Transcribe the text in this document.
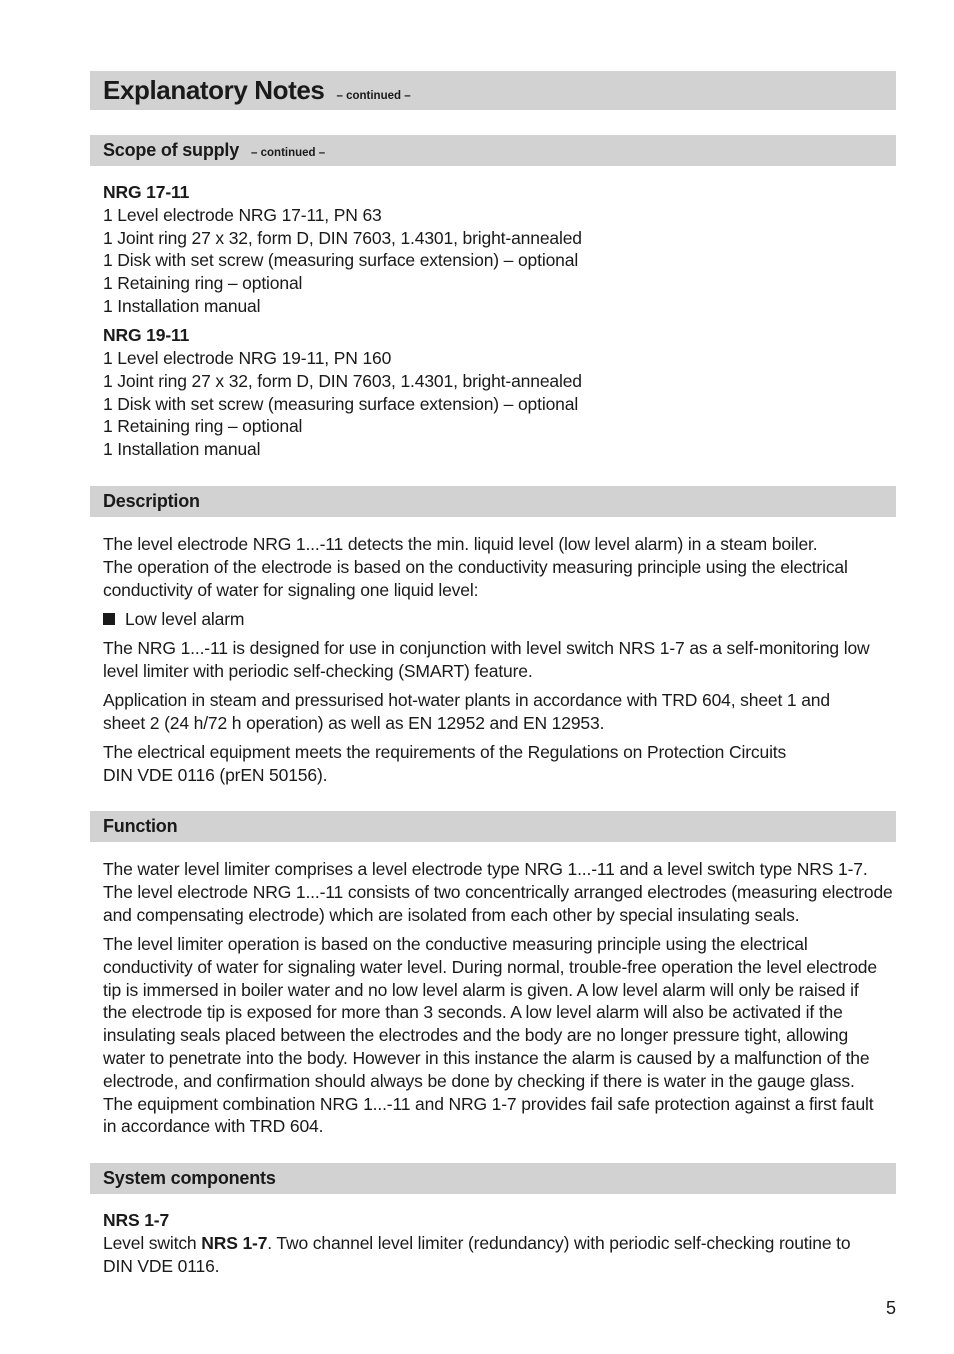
Explanatory Notes – continued –
Scope of supply – continued –

NRG 17-11

1 Level electrode NRG 17-11, PN 63

1 Joint ring 27 x 32, form D, DIN 7603, 1.4301, bright-annealed

1 Disk with set screw (measuring surface extension) – optional

1 Retaining ring – optional

1 Installation manual

NRG 19-11

1 Level electrode NRG 19-11, PN 160

1 Joint ring 27 x 32, form D, DIN 7603, 1.4301, bright-annealed

1 Disk with set screw (measuring surface extension) – optional

1 Retaining ring – optional

1 Installation manual

Description

The level electrode NRG 1...-11 detects the min. liquid level (low level alarm) in a steam boiler.

The operation of the electrode is based on the conductivity measuring principle using the electrical

conductivity of water for signaling one liquid level:

Low level alarm

The NRG 1...-11 is designed for use in conjunction with level switch NRS 1-7 as a self-monitoring low

level limiter with periodic self-checking (SMART) feature.

Application in steam and pressurised hot-water plants in accordance with TRD 604, sheet 1 and

sheet 2 (24 h/72 h operation) as well as EN 12952 and EN 12953.

The electrical equipment meets the requirements of the Regulations on Protection Circuits

DIN VDE 0116 (prEN 50156).

Function

The water level limiter comprises a level electrode type NRG 1...-11 and a level switch type NRS 1-7.

The level electrode NRG 1...-11 consists of two concentrically arranged electrodes (measuring electrode

and compensating electrode) which are isolated from each other by special insulating seals.

The level limiter operation is based on the conductive measuring principle using the electrical

conductivity of water for signaling water level. During normal, trouble-free operation the level electrode

tip is immersed in boiler water and no low level alarm is given. A low level alarm will only be raised if

the electrode tip is exposed for more than 3 seconds. A low level alarm will also be activated if the

insulating seals placed between the electrodes and the body are no longer pressure tight, allowing

water to penetrate into the body. However in this instance the alarm is caused by a malfunction of the

electrode, and confirmation should always be done by checking if there is water in the gauge glass.

The equipment combination NRG 1...-11 and NRG 1-7 provides fail safe protection against a first fault

in accordance with TRD 604.

System components

NRS 1-7

Level switch NRS 1-7. Two channel level limiter (redundancy) with periodic self-checking routine to

DIN VDE 0116.

5
